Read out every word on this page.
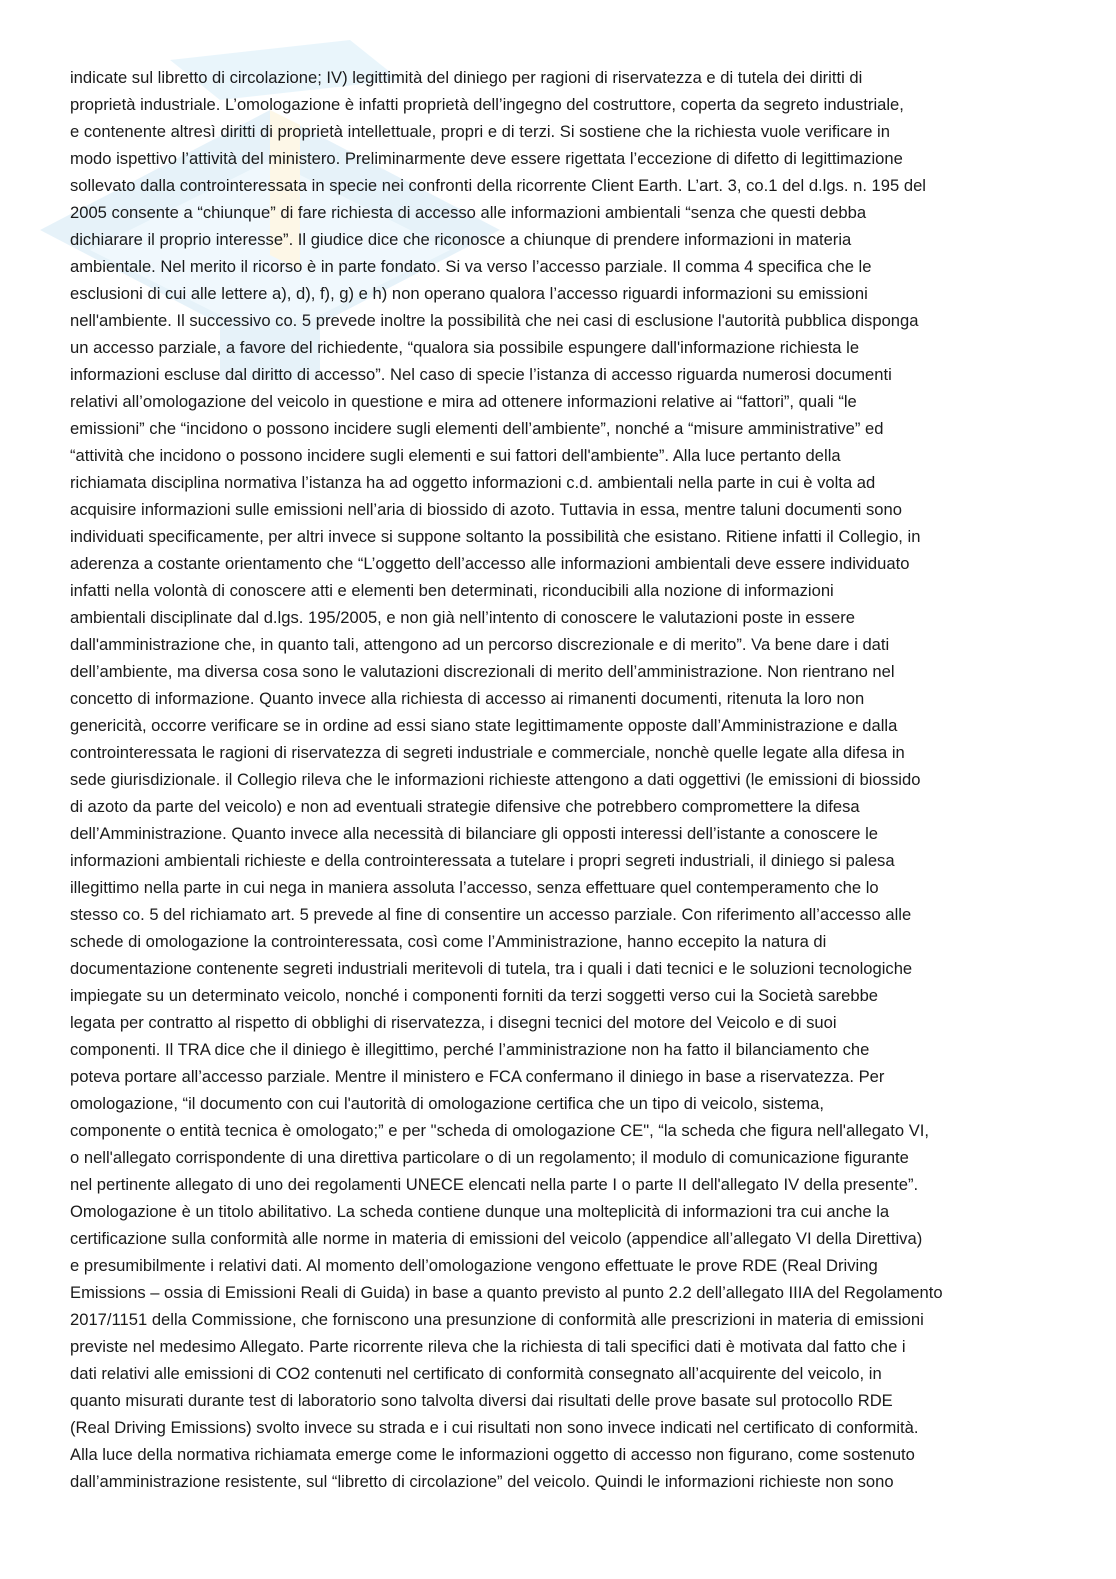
indicate sul libretto di circolazione; IV) legittimità del diniego per ragioni di riservatezza e di tutela dei diritti di
proprietà industriale. L’omologazione è infatti proprietà dell’ingegno del costruttore, coperta da segreto industriale,
e contenente altresì diritti di proprietà intellettuale, propri e di terzi. Si sostiene che la richiesta vuole verificare in
modo ispettivo l’attività del ministero. Preliminarmente deve essere rigettata l’eccezione di difetto di legittimazione
sollevato dalla controinteressata in specie nei confronti della ricorrente Client Earth. L’art. 3, co.1 del d.lgs. n. 195 del
2005 consente a “chiunque” di fare richiesta di accesso alle informazioni ambientali “senza che questi debba
dichiarare il proprio interesse”. Il giudice dice che riconosce a chiunque di prendere informazioni in materia
ambientale. Nel merito il ricorso è in parte fondato. Si va verso l’accesso parziale. Il comma 4 specifica che le
esclusioni di cui alle lettere a), d), f), g) e h) non operano qualora l’accesso riguardi informazioni su emissioni
nell'ambiente. Il successivo co. 5 prevede inoltre la possibilità che nei casi di esclusione l'autorità pubblica disponga
un accesso parziale, a favore del richiedente, “qualora sia possibile espungere dall'informazione richiesta le
informazioni escluse dal diritto di accesso”. Nel caso di specie l’istanza di accesso riguarda numerosi documenti
relativi all’omologazione del veicolo in questione e mira ad ottenere informazioni relative ai “fattori”, quali “le
emissioni” che “incidono o possono incidere sugli elementi dell’ambiente”, nonché a “misure amministrative” ed
“attività che incidono o possono incidere sugli elementi e sui fattori dell'ambiente”. Alla luce pertanto della
richiamata disciplina normativa l’istanza ha ad oggetto informazioni c.d. ambientali nella parte in cui è volta ad
acquisire informazioni sulle emissioni nell’aria di biossido di azoto. Tuttavia in essa, mentre taluni documenti sono
individuati specificamente, per altri invece si suppone soltanto la possibilità che esistano. Ritiene infatti il Collegio, in
aderenza a costante orientamento che “L’oggetto dell’accesso alle informazioni ambientali deve essere individuato
infatti nella volontà di conoscere atti e elementi ben determinati, riconducibili alla nozione di informazioni
ambientali disciplinate dal d.lgs. 195/2005, e non già nell’intento di conoscere le valutazioni poste in essere
dall'amministrazione che, in quanto tali, attengono ad un percorso discrezionale e di merito”. Va bene dare i dati
dell’ambiente, ma diversa cosa sono le valutazioni discrezionali di merito dell’amministrazione. Non rientrano nel
concetto di informazione. Quanto invece alla richiesta di accesso ai rimanenti documenti, ritenuta la loro non
genericità, occorre verificare se in ordine ad essi siano state legittimamente opposte dall’Amministrazione e dalla
controinteressata le ragioni di riservatezza di segreti industriale e commerciale, nonchè quelle legate alla difesa in
sede giurisdizionale. il Collegio rileva che le informazioni richieste attengono a dati oggettivi (le emissioni di biossido
di azoto da parte del veicolo) e non ad eventuali strategie difensive che potrebbero compromettere la difesa
dell’Amministrazione. Quanto invece alla necessità di bilanciare gli opposti interessi dell’istante a conoscere le
informazioni ambientali richieste e della controinteressata a tutelare i propri segreti industriali, il diniego si palesa
illegittimo nella parte in cui nega in maniera assoluta l’accesso, senza effettuare quel contemperamento che lo
stesso co. 5 del richiamato art. 5 prevede al fine di consentire un accesso parziale. Con riferimento all’accesso alle
schede di omologazione la controinteressata, così come l’Amministrazione, hanno eccepito la natura di
documentazione contenente segreti industriali meritevoli di tutela, tra i quali i dati tecnici e le soluzioni tecnologiche
impiegate su un determinato veicolo, nonché i componenti forniti da terzi soggetti verso cui la Società sarebbe
legata per contratto al rispetto di obblighi di riservatezza, i disegni tecnici del motore del Veicolo e di suoi
componenti. Il TRA dice che il diniego è illegittimo, perché l’amministrazione non ha fatto il bilanciamento che
poteva portare all’accesso parziale. Mentre il ministero e FCA confermano il diniego in base a riservatezza. Per
omologazione, “il documento con cui l'autorità di omologazione certifica che un tipo di veicolo, sistema,
componente o entità tecnica è omologato;” e per "scheda di omologazione CE", “la scheda che figura nell'allegato VI,
o nell'allegato corrispondente di una direttiva particolare o di un regolamento; il modulo di comunicazione figurante
nel pertinente allegato di uno dei regolamenti UNECE elencati nella parte I o parte II dell'allegato IV della presente”.
Omologazione è un titolo abilitativo. La scheda contiene dunque una molteplicità di informazioni tra cui anche la
certificazione sulla conformità alle norme in materia di emissioni del veicolo (appendice all’allegato VI della Direttiva)
e presumibilmente i relativi dati. Al momento dell’omologazione vengono effettuate le prove RDE (Real Driving
Emissions – ossia di Emissioni Reali di Guida) in base a quanto previsto al punto 2.2 dell’allegato IIIA del Regolamento
2017/1151 della Commissione, che forniscono una presunzione di conformità alle prescrizioni in materia di emissioni
previste nel medesimo Allegato. Parte ricorrente rileva che la richiesta di tali specifici dati è motivata dal fatto che i
dati relativi alle emissioni di CO2 contenuti nel certificato di conformità consegnato all’acquirente del veicolo, in
quanto misurati durante test di laboratorio sono talvolta diversi dai risultati delle prove basate sul protocollo RDE
(Real Driving Emissions) svolto invece su strada e i cui risultati non sono invece indicati nel certificato di conformità.
Alla luce della normativa richiamata emerge come le informazioni oggetto di accesso non figurano, come sostenuto
dall’amministrazione resistente, sul “libretto di circolazione” del veicolo. Quindi le informazioni richieste non sono
